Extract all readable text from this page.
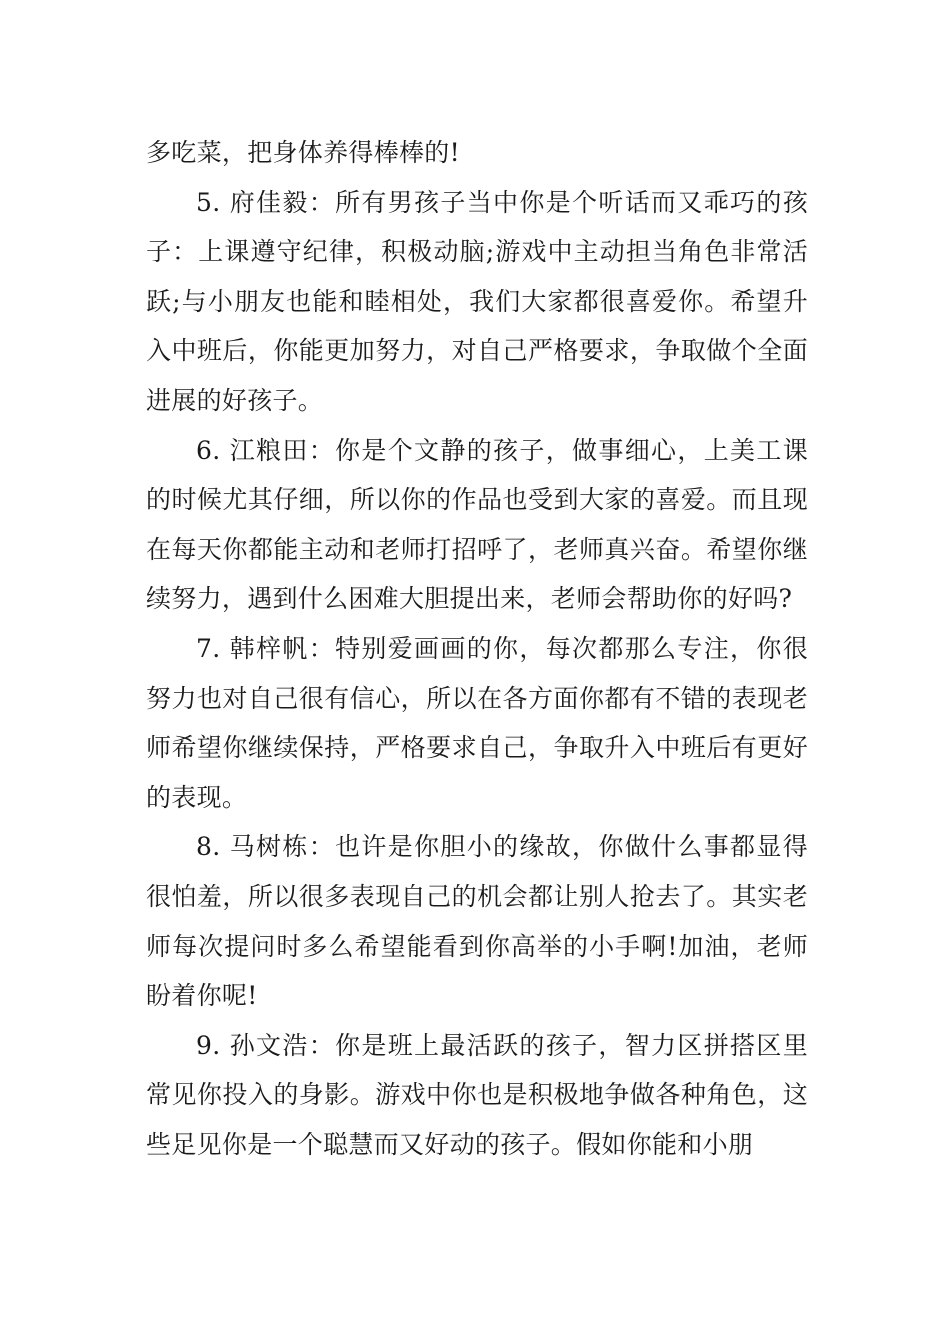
多吃菜，把身体养得棒棒的!

5. 府佳毅：所有男孩子当中你是个听话而又乖巧的孩子：上课遵守纪律，积极动脑;游戏中主动担当角色非常活跃;与小朋友也能和睦相处，我们大家都很喜爱你。希望升入中班后，你能更加努力，对自己严格要求，争取做个全面进展的好孩子。

6. 江粮田：你是个文静的孩子，做事细心，上美工课的时候尤其仔细，所以你的作品也受到大家的喜爱。而且现在每天你都能主动和老师打招呼了，老师真兴奋。希望你继续努力，遇到什么困难大胆提出来，老师会帮助你的好吗?

7. 韩梓帆：特别爱画画的你，每次都那么专注，你很努力也对自己很有信心，所以在各方面你都有不错的表现老师希望你继续保持，严格要求自己，争取升入中班后有更好的表现。

8. 马树栋：也许是你胆小的缘故，你做什么事都显得很怕羞，所以很多表现自己的机会都让别人抢去了。其实老师每次提问时多么希望能看到你高举的小手啊!加油，老师盼着你呢!

9. 孙文浩：你是班上最活跃的孩子，智力区拼搭区里常见你投入的身影。游戏中你也是积极地争做各种角色，这些足见你是一个聪慧而又好动的孩子。假如你能和小朋
